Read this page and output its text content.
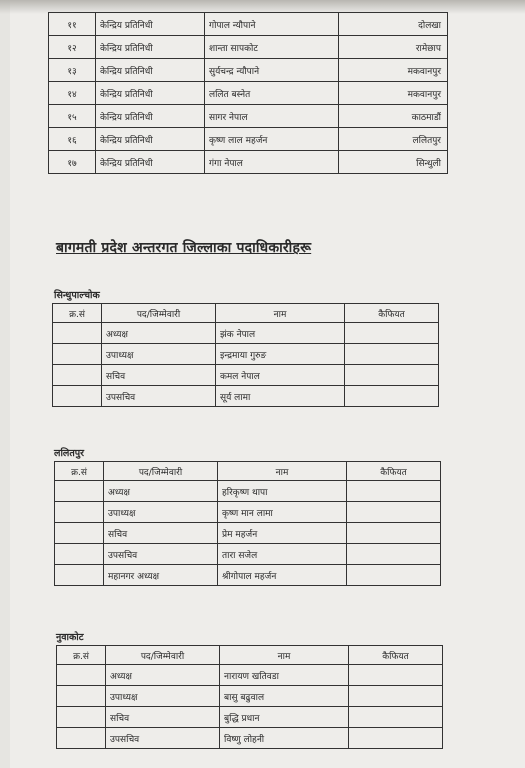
११	केन्द्रिय प्रतिनिधी	गोपाल न्यौपाने	दोलखा
१२	केन्द्रिय प्रतिनिधी	शान्ता सापकोट	रामेछाप
१३	केन्द्रिय प्रतिनिधी	सुर्यचन्द्र न्यौपाने	मकवानपुर
१४	केन्द्रिय प्रतिनिधी	ललित बस्नेत	मकवानपुर
१५	केन्द्रिय प्रतिनिधी	सागर नेपाल	काठमाडौं
१६	केन्द्रिय प्रतिनिधी	कृष्ण लाल महर्जन	ललितपुर
१७	केन्द्रिय प्रतिनिधी	गंगा नेपाल	सिन्धुली
बागमती प्रदेश अन्तरगत जिल्लाका पदाधिकारीहरू
सिन्धुपाल्चोक
क्र.सं	पद/जिम्मेवारी	नाम	कैफियत
	अध्यक्ष	झंक नेपाल	
	उपाध्यक्ष	इन्द्रमाया गुरुङ	
	सचिव	कमल नेपाल	
	उपसचिव	सूर्य लामा	
ललितपुर
क्र.सं	पद/जिम्मेवारी	नाम	कैफियत
	अध्यक्ष	हरिकृष्ण थापा	
	उपाध्यक्ष	कृष्ण मान लामा	
	सचिव	प्रेम महर्जन	
	उपसचिव	तारा सजेल	
	महानगर अध्यक्ष	श्रीगोपाल महर्जन	
नुवाकोट
क्र.सं	पद/जिम्मेवारी	नाम	कैफियत
	अध्यक्ष	नारायण खतिवडा	
	उपाध्यक्ष	बासु बढुवाल	
	सचिव	बुद्धि प्रधान	
	उपसचिव	विष्णु लोहनी	
